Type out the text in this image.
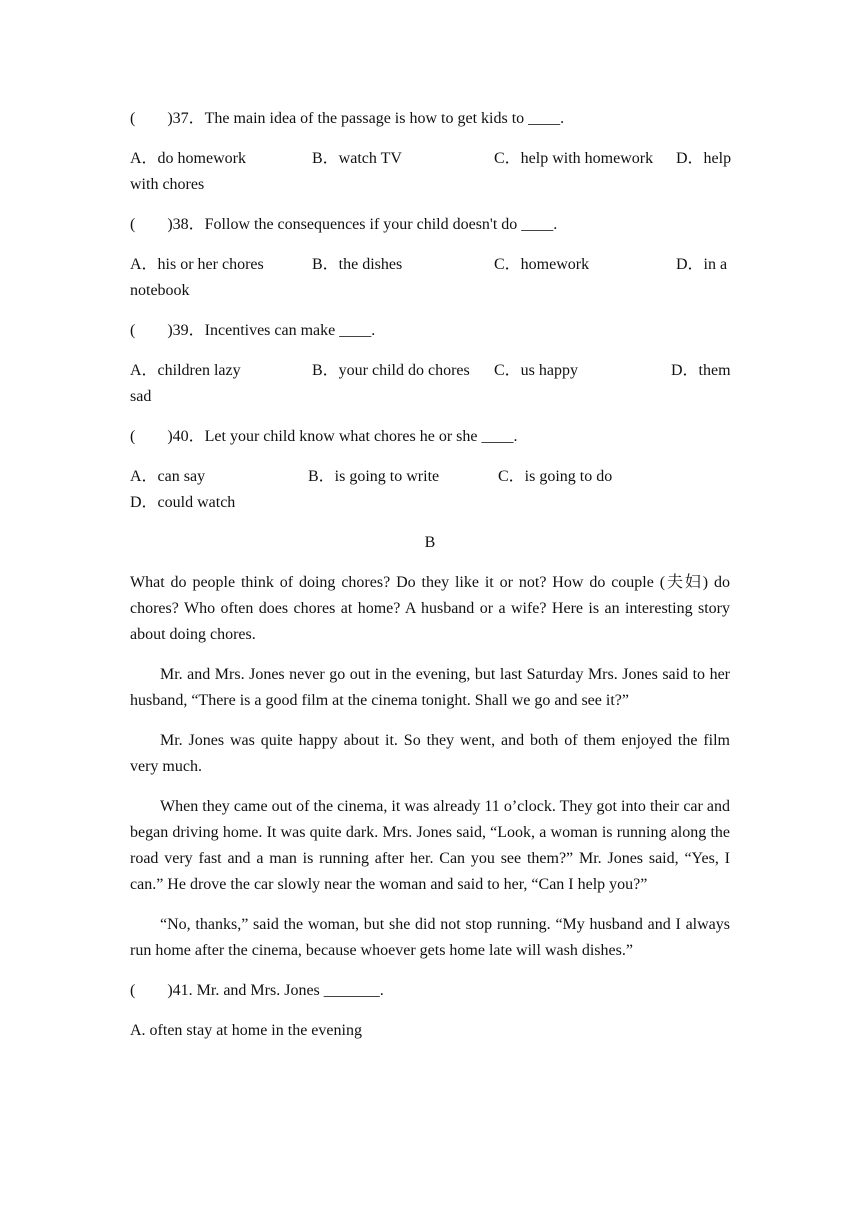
(　　)37．The main idea of the passage is how to get kids to ____.
A．do homework	B．watch TV	C．help with homework D．help
with chores
(　　)38．Follow the consequences if your child doesn't do ____.
A．his or her chores	B．the dishes	C．homework	D．in a
notebook
(　　)39．Incentives can make ____.
A．children lazy	B．your child do chores C．us happy	D．them
sad
(　　)40．Let your child know what chores he or she ____.
A．can say	B．is going to write	C．is going to do
D．could watch
B

What do people think of doing chores? Do they like it or not? How do couple (夫妇) do chores? Who often does chores at home? A husband or a wife? Here is an interesting story about doing chores.

Mr. and Mrs. Jones never go out in the evening, but last Saturday Mrs. Jones said to her husband, “There is a good film at the cinema tonight. Shall we go and see it?”

Mr. Jones was quite happy about it. So they went, and both of them enjoyed the film very much.

When they came out of the cinema, it was already 11 o’clock. They got into their car and began driving home. It was quite dark. Mrs. Jones said, “Look, a woman is running along the road very fast and a man is running after her. Can you see them?” Mr. Jones said, “Yes, I can.” He drove the car slowly near the woman and said to her, “Can I help you?”

“No, thanks,” said the woman, but she did not stop running. “My husband and I always run home after the cinema, because whoever gets home late will wash dishes.”

(　　)41. Mr. and Mrs. Jones _______.
A. often stay at home in the evening
